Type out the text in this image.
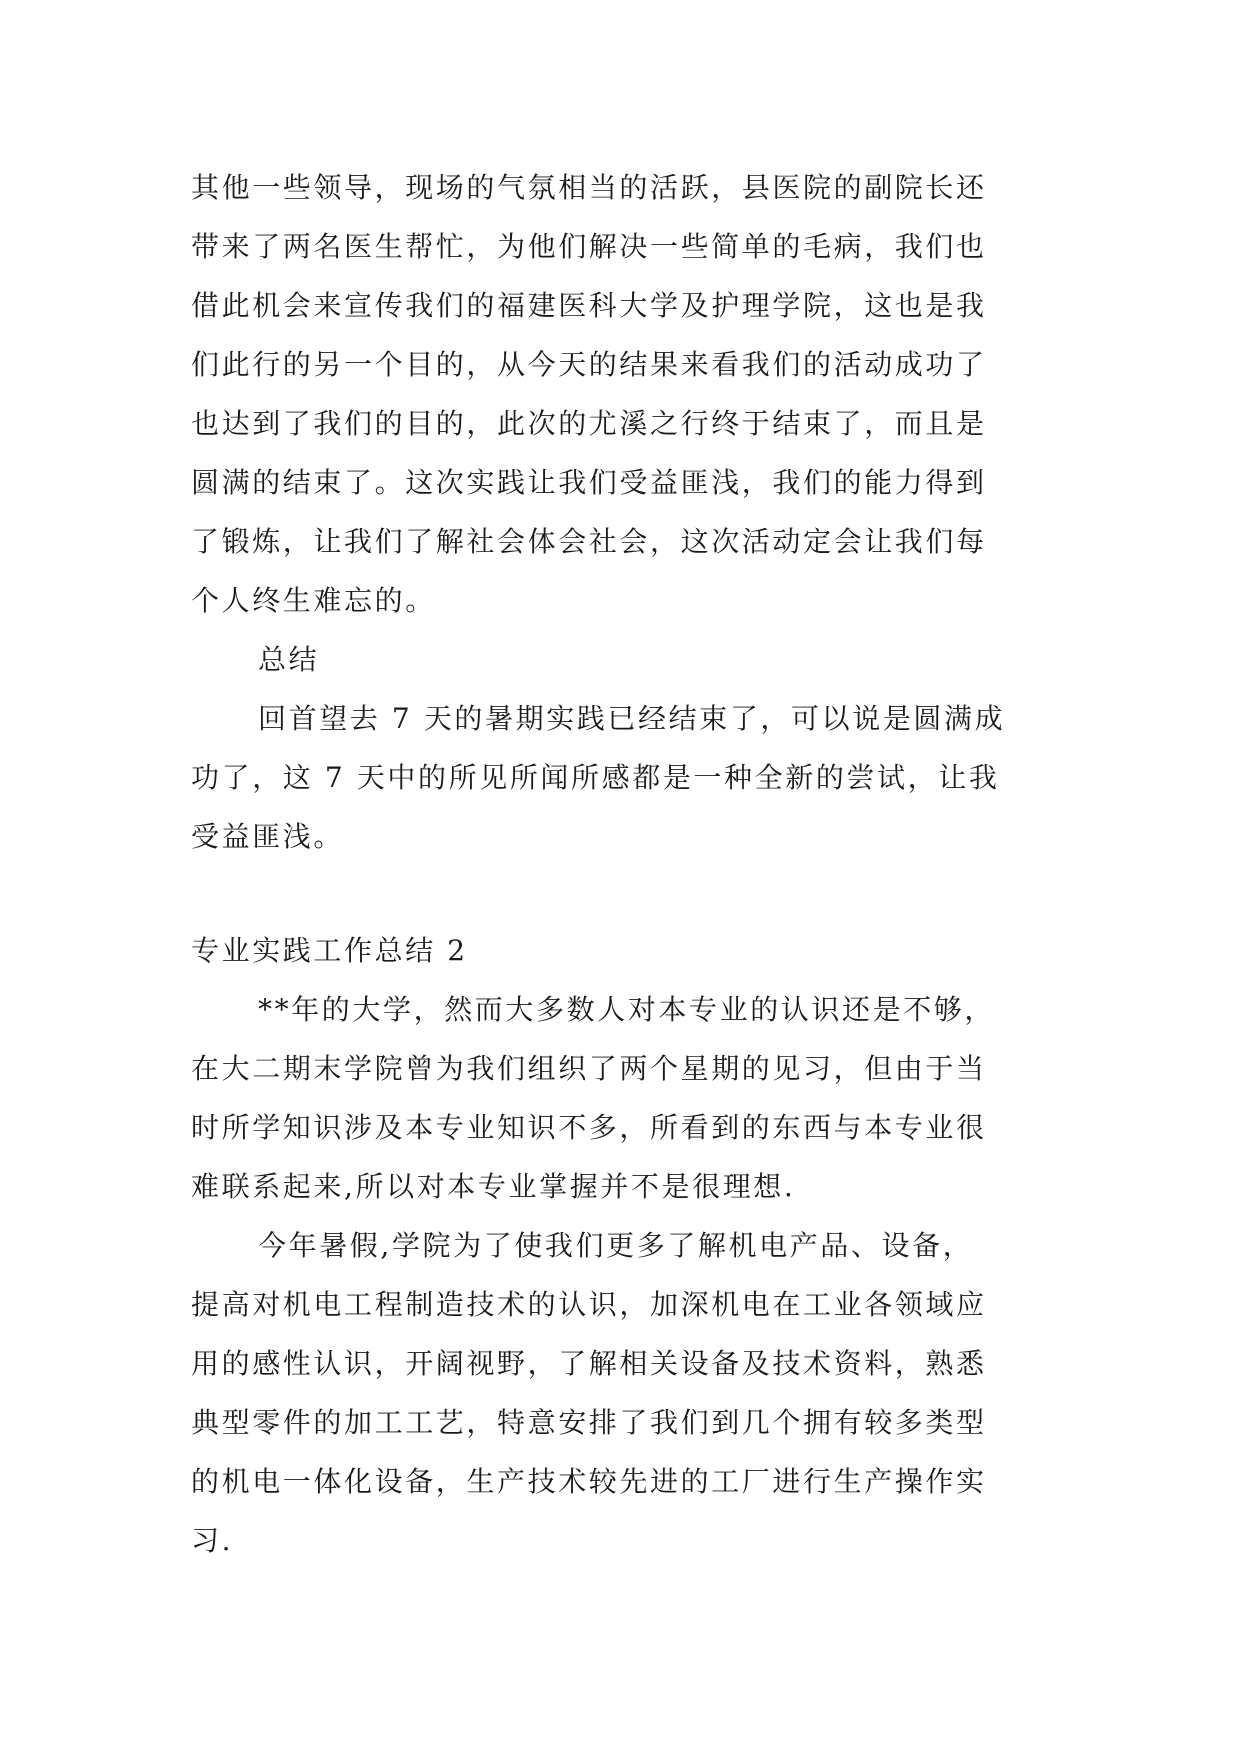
其他一些领导，现场的气氛相当的活跃，县医院的副院长还
带来了两名医生帮忙，为他们解决一些简单的毛病，我们也
借此机会来宣传我们的福建医科大学及护理学院，这也是我
们此行的另一个目的，从今天的结果来看我们的活动成功了
也达到了我们的目的，此次的尤溪之行终于结束了，而且是
圆满的结束了。这次实践让我们受益匪浅，我们的能力得到
了锻炼，让我们了解社会体会社会，这次活动定会让我们每
个人终生难忘的。
总结
回首望去 7 天的暑期实践已经结束了，可以说是圆满成
功了，这 7 天中的所见所闻所感都是一种全新的尝试，让我
受益匪浅。
专业实践工作总结 2
**年的大学，然而大多数人对本专业的认识还是不够，
在大二期末学院曾为我们组织了两个星期的见习，但由于当
时所学知识涉及本专业知识不多，所看到的东西与本专业很
难联系起来,所以对本专业掌握并不是很理想.
今年暑假,学院为了使我们更多了解机电产品、设备，
提高对机电工程制造技术的认识，加深机电在工业各领域应
用的感性认识，开阔视野，了解相关设备及技术资料，熟悉
典型零件的加工工艺，特意安排了我们到几个拥有较多类型
的机电一体化设备，生产技术较先进的工厂进行生产操作实
习.
